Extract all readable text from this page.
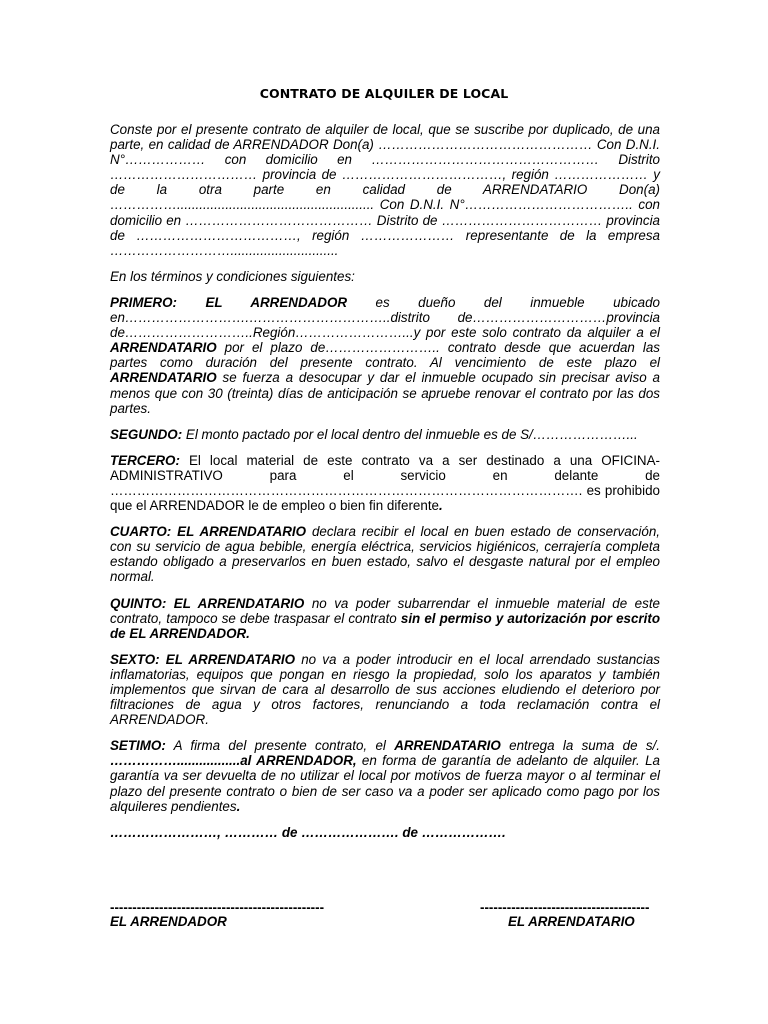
CONTRATO DE ALQUILER DE LOCAL

Conste por el presente contrato de alquiler de local, que se suscribe por duplicado, de una parte, en calidad de ARRENDADOR Don(a) ………………………………………… Con D.N.I. N°……………… con domicilio en …………………………………………… Distrito …………………………… provincia de ………………………………, región ………………… y de la otra parte en calidad de ARRENDATARIO Don(a) ……………..................................................... Con D.N.I. N°……………………………….. con domicilio en …………………………………… Distrito de ……………………………… provincia de ………………………………, región ………………… representante de la empresa ……………………….............................

En los términos y condiciones siguientes:

PRIMERO: EL ARRENDADOR es dueño del inmueble ubicado en……………………….…………………………..distrito de…………………………provincia de………………………..Región……………………...y por este solo contrato da alquiler a el ARRENDATARIO por el plazo de…………………….. contrato desde que acuerdan las partes como duración del presente contrato. Al vencimiento de este plazo el ARRENDATARIO se fuerza a desocupar y dar el inmueble ocupado sin precisar aviso a menos que con 30 (treinta) días de anticipación se apruebe renovar el contrato por las dos partes.

SEGUNDO: El monto pactado por el local dentro del inmueble es de S/…………………...

TERCERO: El local material de este contrato va a ser destinado a una OFICINA-ADMINISTRATIVO para el servicio en delante de ……………………………………………………………………………………………. es prohibido que el ARRENDADOR le de empleo o bien fin diferente.

CUARTO: EL ARRENDATARIO declara recibir el local en buen estado de conservación, con su servicio de agua bebible, energía eléctrica, servicios higiénicos, cerrajería completa estando obligado a preservarlos en buen estado, salvo el desgaste natural por el empleo normal.

QUINTO: EL ARRENDATARIO no va poder subarrendar el inmueble material de este contrato, tampoco se debe traspasar el contrato sin el permiso y autorización por escrito de EL ARRENDADOR.

SEXTO: EL ARRENDATARIO no va a poder introducir en el local arrendado sustancias inflamatorias, equipos que pongan en riesgo la propiedad, solo los aparatos y también implementos que sirvan de cara al desarrollo de sus acciones eludiendo el deterioro por filtraciones de agua y otros factores, renunciando a toda reclamación contra el ARRENDADOR.

SETIMO: A firma del presente contrato, el ARRENDATARIO entrega la suma de s/. …………….................al ARRENDADOR, en forma de garantía de adelanto de alquiler. La garantía va ser devuelta de no utilizar el local por motivos de fuerza mayor o al terminar el plazo del presente contrato o bien de ser caso va a poder ser aplicado como pago por los alquileres pendientes.

……………………, ………… de …………………. de ……………….

------------------------------------------------	--------------------------------------
EL ARRENDADOR	EL ARRENDATARIO
